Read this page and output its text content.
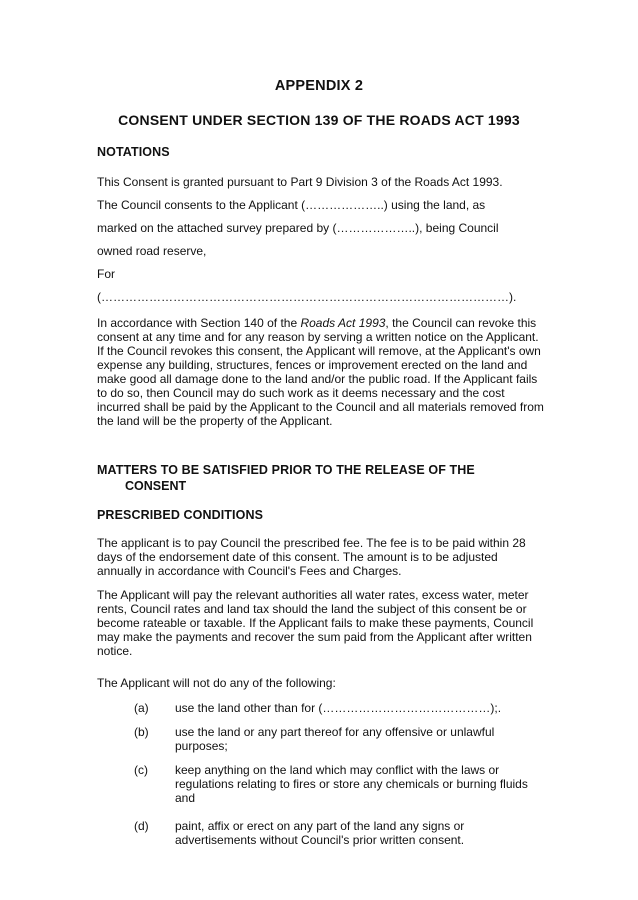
APPENDIX 2
CONSENT UNDER SECTION 139 OF THE ROADS ACT 1993
NOTATIONS
This Consent is granted pursuant to Part 9 Division 3 of the Roads Act 1993.
The Council consents to the Applicant (………………..) using the land, as
marked on the attached survey prepared by (………………..), being Council
owned road reserve,
For
(…………………………………………………………………………………………).

In accordance with Section 140 of the Roads Act 1993, the Council can revoke this consent at any time and for any reason by serving a written notice on the Applicant. If the Council revokes this consent, the Applicant will remove, at the Applicant's own expense any building, structures, fences or improvement erected on the land and make good all damage done to the land and/or the public road. If the Applicant fails to do so, then Council may do such work as it deems necessary and the cost incurred shall be paid by the Applicant to the Council and all materials removed from the land will be the property of the Applicant.

MATTERS TO BE SATISFIED PRIOR TO THE RELEASE OF THE
CONSENT
PRESCRIBED CONDITIONS

The applicant is to pay Council the prescribed fee. The fee is to be paid within 28 days of the endorsement date of this consent. The amount is to be adjusted annually in accordance with Council's Fees and Charges.

The Applicant will pay the relevant authorities all water rates, excess water, meter rents, Council rates and land tax should the land the subject of this consent be or become rateable or taxable. If the Applicant fails to make these payments, Council may make the payments and recover the sum paid from the Applicant after written notice.

The Applicant will not do any of the following:
(a) use the land other than for (……………………………………);.

(b) use the land or any part thereof for any offensive or unlawful purposes;

(c) keep anything on the land which may conflict with the laws or regulations relating to fires or store any chemicals or burning fluids and

(d) paint, affix or erect on any part of the land any signs or advertisements without Council's prior written consent.
